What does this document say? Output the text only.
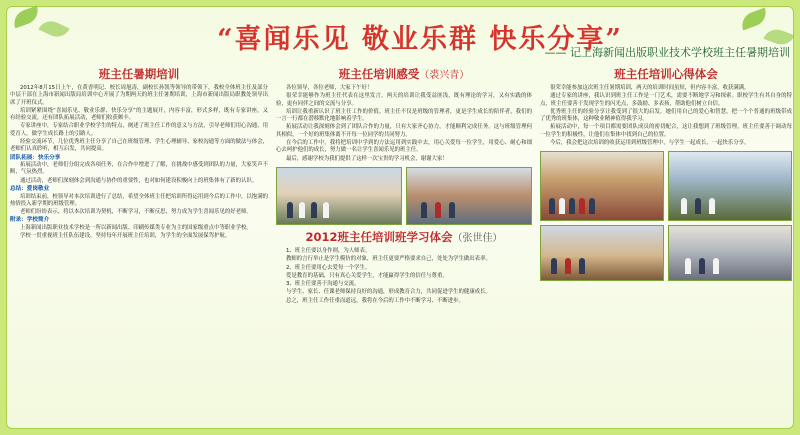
“喜闻乐见 敬业乐群 快乐分享”
—— 记上海新闻出版职业技术学校班主任暑期培训
班主任暑期培训

2012年8月15日上午，在黄香明记、校长周旭涛，副校长孙凯等领导的带领下，我校全体班主任及部分中层干部在上海市新闻出版局培训中心开展了为期两天的班主任暑期培训，上海市新闻出版局职教处领导出席了开班仪式。

培训紧紧围绕“喜闻乐见、敬业乐群、快乐分享”的主题展开，内容丰富，形式多样，既有专家讲座，又有经验交流，还有团队拓展活动，老师们收获颇丰。

专家讲座中，专家结合职业学校学生的特点，阐述了班主任工作的意义与方法，引导老师们用心沟通、用爱育人，做学生成长路上的引路人。

经验交流环节，几位优秀班主任分享了自己在班级管理、学生心理辅导、家校沟通等方面的做法与体会，老师们认真聆听，相互启发，共同提高。

团队拓展：快乐分享

拓展活动中，老师们分组完成各项任务，在合作中增进了了解，在挑战中感受到团队的力量，大家笑声不断，气氛热烈。

通过活动，老师们深刻体会到沟通与协作的重要性，也对如何建设积极向上的班集体有了新的认识。

总结：爱岗敬业

培训结束前，校领导对本次培训进行了总结，希望全体班主任把培训所得运用到今后的工作中，以饱满的热情投入新学期的班级管理。

老师们纷纷表示，将以本次培训为契机，不断学习，不断反思，努力成为学生喜闻乐见的好老师。

附录：学校简介

上海新闻出版职业技术学校是一所以新闻出版、印刷传媒类专业为主的国家级重点中等职业学校。

学校一贯重视班主任队伍建设，坚持每年开展班主任培训，为学生的全面发展保驾护航。

班主任培训感受（裘兴青）

各位领导，各位老师，大家下午好！

很荣幸能够作为班主任代表在这里发言。两天的培训让我受益匪浅，既有理论的学习，又有实践的体验，更有同伴之间的交流与分享。

培训让我重新认识了班主任工作的价值。班主任不仅是班级的管理者，更是学生成长的陪伴者，我们的一言一行都在潜移默化地影响着学生。

拓展活动让我深刻体会到了团队合作的力量，只有大家齐心协力，才能顺利完成任务。这与班级管理何其相似，一个好的班集体离不开每一位同学的共同努力。

在今后的工作中，我将把培训中学到的方法运用到实践中去，用心关爱每一位学生，用爱心、耐心和细心去呵护他们的成长，努力做一名让学生喜闻乐见的班主任。

最后，感谢学校为我们提供了这样一次宝贵的学习机会，谢谢大家！

2012班主任培训班学习体会（张世佳）

1、班主任要以身作则，为人师表。

教师的言行举止是学生模仿的对象，班主任更要严格要求自己，处处为学生做出表率。

2、班主任要用心去爱每一个学生。

爱是教育的基础，只有真心关爱学生，才能赢得学生的信任与尊重。

3、班主任要善于沟通与交流。

与学生、家长、任课老师保持良好的沟通，形成教育合力，共同促进学生的健康成长。

总之，班主任工作任重而道远，我将在今后的工作中不断学习、不断进步。

班主任培训心得体会

很荣幸能参加这次班主任暑期培训，两天的培训时间虽短，但内容丰富，收获满满。

通过专家的讲座，我认识到班主任工作是一门艺术，需要不断地学习和探索。职校学生有其自身的特点，班主任要善于发现学生的闪光点，多鼓励、多表扬，帮助他们树立自信。

优秀班主任的经验分享让我受到了很大的启发。她们用自己的爱心和智慧，把一个个普通的班级带成了优秀的班集体，这种敬业精神值得我学习。

拓展活动中，每一个项目都需要团队成员的密切配合，这让我想到了班级管理，班主任要善于调动每一位学生的积极性，让他们在集体中找到自己的位置。

今后，我会把这次培训的收获运用到班级管理中，与学生一起成长，一起快乐分享。
